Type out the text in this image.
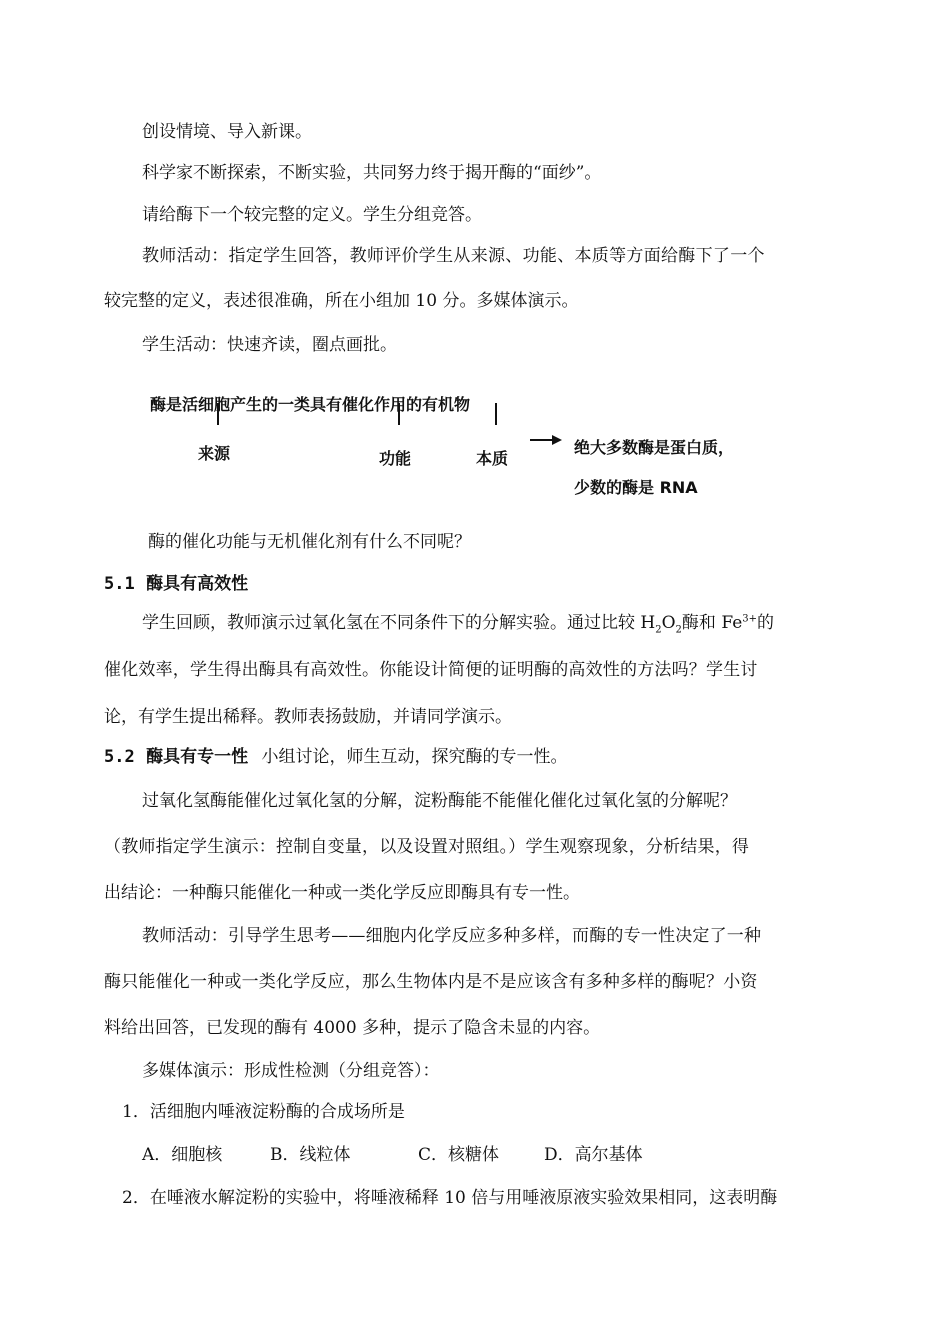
创设情境、导入新课。
科学家不断探索，不断实验，共同努力终于揭开酶的“面纱”。
请给酶下一个较完整的定义。学生分组竞答。
教师活动：指定学生回答，教师评价学生从来源、功能、本质等方面给酶下了一个
较完整的定义，表述很准确，所在小组加 10 分。多媒体演示。
学生活动：快速齐读，圈点画批。
酶是活细胞产生的一类具有催化作用的有机物
来源	功能	本质
绝大多数酶是蛋白质，
少数的酶是 RNA
酶的催化功能与无机催化剂有什么不同呢？
5.1 酶具有高效性
学生回顾，教师演示过氧化氢在不同条件下的分解实验。通过比较 $H_2O_2$酶和 $Fe^{3+}$的
催化效率，学生得出酶具有高效性。你能设计简便的证明酶的高效性的方法吗？学生讨
论，有学生提出稀释。教师表扬鼓励，并请同学演示。
5.2 酶具有专一性 小组讨论，师生互动，探究酶的专一性。
过氧化氢酶能催化过氧化氢的分解，淀粉酶能不能催化催化过氧化氢的分解呢？
（教师指定学生演示：控制自变量，以及设置对照组。）学生观察现象，分析结果，得
出结论：一种酶只能催化一种或一类化学反应即酶具有专一性。
教师活动：引导学生思考——细胞内化学反应多种多样，而酶的专一性决定了一种
酶只能催化一种或一类化学反应，那么生物体内是不是应该含有多种多样的酶呢？小资
料给出回答，已发现的酶有 4000 多种，提示了隐含未显的内容。
多媒体演示：形成性检测（分组竞答）：
1．活细胞内唾液淀粉酶的合成场所是
A．细胞核	B．线粒体	C．核糖体	D．高尔基体
2．在唾液水解淀粉的实验中，将唾液稀释 10 倍与用唾液原液实验效果相同，这表明酶
